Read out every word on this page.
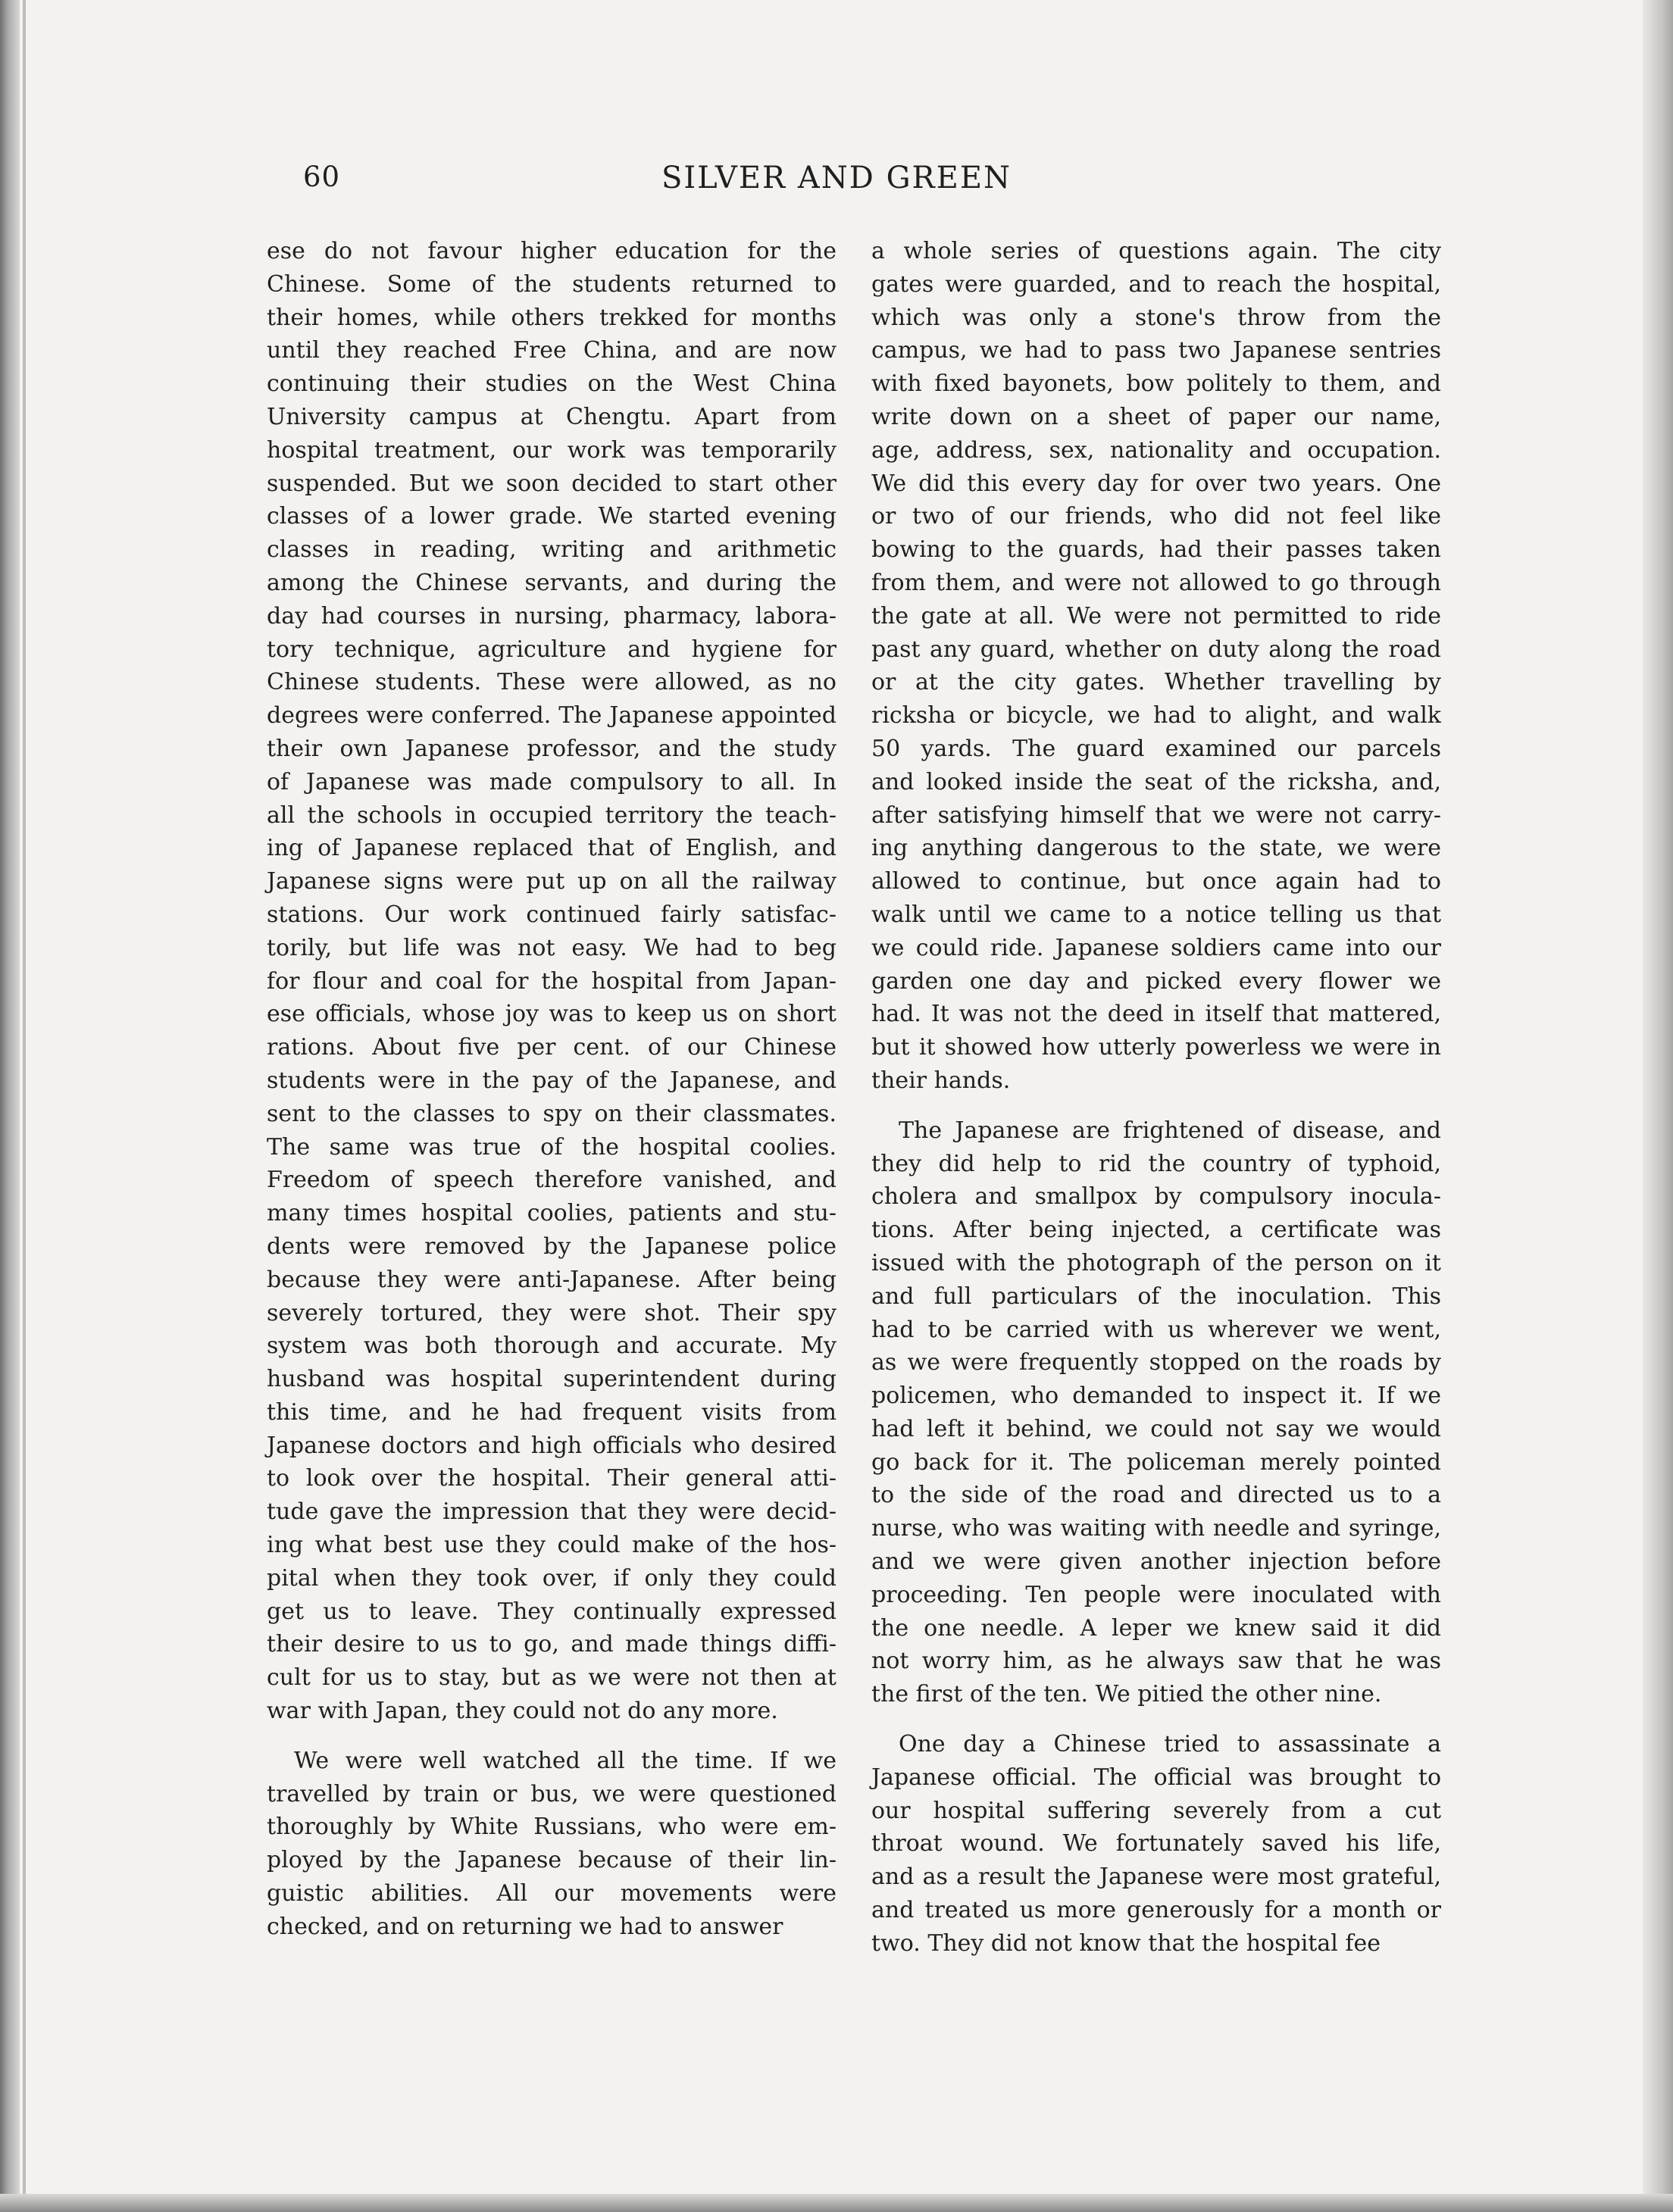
60	SILVER AND GREEN
ese do not favour higher education for the
Chinese. Some of the students returned to
their homes, while others trekked for months
until they reached Free China, and are now
continuing their studies on the West China
University campus at Chengtu. Apart from
hospital treatment, our work was temporarily
suspended. But we soon decided to start other
classes of a lower grade. We started evening
classes in reading, writing and arithmetic
among the Chinese servants, and during the
day had courses in nursing, pharmacy, labora-
tory technique, agriculture and hygiene for
Chinese students. These were allowed, as no
degrees were conferred. The Japanese appointed
their own Japanese professor, and the study
of Japanese was made compulsory to all. In
all the schools in occupied territory the teach-
ing of Japanese replaced that of English, and
Japanese signs were put up on all the railway
stations. Our work continued fairly satisfac-
torily, but life was not easy. We had to beg
for flour and coal for the hospital from Japan-
ese officials, whose joy was to keep us on short
rations. About five per cent. of our Chinese
students were in the pay of the Japanese, and
sent to the classes to spy on their classmates.
The same was true of the hospital coolies.
Freedom of speech therefore vanished, and
many times hospital coolies, patients and stu-
dents were removed by the Japanese police
because they were anti-Japanese. After being
severely tortured, they were shot. Their spy
system was both thorough and accurate. My
husband was hospital superintendent during
this time, and he had frequent visits from
Japanese doctors and high officials who desired
to look over the hospital. Their general atti-
tude gave the impression that they were decid-
ing what best use they could make of the hos-
pital when they took over, if only they could
get us to leave. They continually expressed
their desire to us to go, and made things diffi-
cult for us to stay, but as we were not then at
war with Japan, they could not do any more.
We were well watched all the time. If we
travelled by train or bus, we were questioned
thoroughly by White Russians, who were em-
ployed by the Japanese because of their lin-
guistic abilities. All our movements were
checked, and on returning we had to answer
a whole series of questions again. The city
gates were guarded, and to reach the hospital,
which was only a stone's throw from the
campus, we had to pass two Japanese sentries
with fixed bayonets, bow politely to them, and
write down on a sheet of paper our name,
age, address, sex, nationality and occupation.
We did this every day for over two years. One
or two of our friends, who did not feel like
bowing to the guards, had their passes taken
from them, and were not allowed to go through
the gate at all. We were not permitted to ride
past any guard, whether on duty along the road
or at the city gates. Whether travelling by
ricksha or bicycle, we had to alight, and walk
50 yards. The guard examined our parcels
and looked inside the seat of the ricksha, and,
after satisfying himself that we were not carry-
ing anything dangerous to the state, we were
allowed to continue, but once again had to
walk until we came to a notice telling us that
we could ride. Japanese soldiers came into our
garden one day and picked every flower we
had. It was not the deed in itself that mattered,
but it showed how utterly powerless we were in
their hands.
The Japanese are frightened of disease, and
they did help to rid the country of typhoid,
cholera and smallpox by compulsory inocula-
tions. After being injected, a certificate was
issued with the photograph of the person on it
and full particulars of the inoculation. This
had to be carried with us wherever we went,
as we were frequently stopped on the roads by
policemen, who demanded to inspect it. If we
had left it behind, we could not say we would
go back for it. The policeman merely pointed
to the side of the road and directed us to a
nurse, who was waiting with needle and syringe,
and we were given another injection before
proceeding. Ten people were inoculated with
the one needle. A leper we knew said it did
not worry him, as he always saw that he was
the first of the ten. We pitied the other nine.
One day a Chinese tried to assassinate a
Japanese official. The official was brought to
our hospital suffering severely from a cut
throat wound. We fortunately saved his life,
and as a result the Japanese were most grateful,
and treated us more generously for a month or
two. They did not know that the hospital fee
